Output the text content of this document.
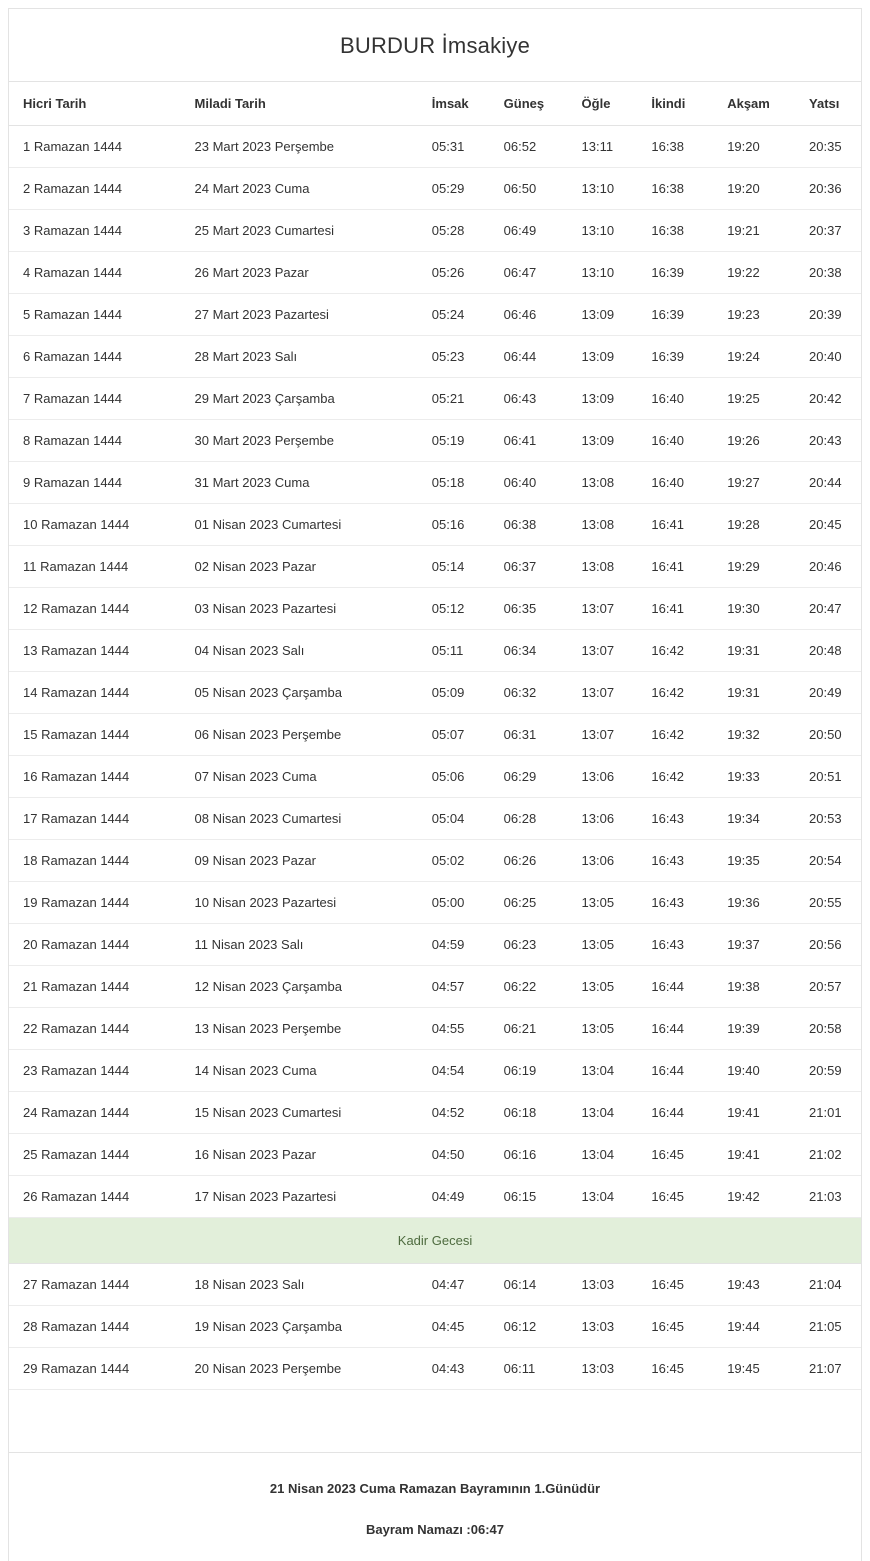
BURDUR İmsakiye
Hicri Tarih	Miladi Tarih	İmsak	Güneş	Öğle	İkindi	Akşam	Yatsı
1 Ramazan 1444	23 Mart 2023 Perşembe	05:31	06:52	13:11	16:38	19:20	20:35
2 Ramazan 1444	24 Mart 2023 Cuma	05:29	06:50	13:10	16:38	19:20	20:36
3 Ramazan 1444	25 Mart 2023 Cumartesi	05:28	06:49	13:10	16:38	19:21	20:37
4 Ramazan 1444	26 Mart 2023 Pazar	05:26	06:47	13:10	16:39	19:22	20:38
5 Ramazan 1444	27 Mart 2023 Pazartesi	05:24	06:46	13:09	16:39	19:23	20:39
6 Ramazan 1444	28 Mart 2023 Salı	05:23	06:44	13:09	16:39	19:24	20:40
7 Ramazan 1444	29 Mart 2023 Çarşamba	05:21	06:43	13:09	16:40	19:25	20:42
8 Ramazan 1444	30 Mart 2023 Perşembe	05:19	06:41	13:09	16:40	19:26	20:43
9 Ramazan 1444	31 Mart 2023 Cuma	05:18	06:40	13:08	16:40	19:27	20:44
10 Ramazan 1444	01 Nisan 2023 Cumartesi	05:16	06:38	13:08	16:41	19:28	20:45
11 Ramazan 1444	02 Nisan 2023 Pazar	05:14	06:37	13:08	16:41	19:29	20:46
12 Ramazan 1444	03 Nisan 2023 Pazartesi	05:12	06:35	13:07	16:41	19:30	20:47
13 Ramazan 1444	04 Nisan 2023 Salı	05:11	06:34	13:07	16:42	19:31	20:48
14 Ramazan 1444	05 Nisan 2023 Çarşamba	05:09	06:32	13:07	16:42	19:31	20:49
15 Ramazan 1444	06 Nisan 2023 Perşembe	05:07	06:31	13:07	16:42	19:32	20:50
16 Ramazan 1444	07 Nisan 2023 Cuma	05:06	06:29	13:06	16:42	19:33	20:51
17 Ramazan 1444	08 Nisan 2023 Cumartesi	05:04	06:28	13:06	16:43	19:34	20:53
18 Ramazan 1444	09 Nisan 2023 Pazar	05:02	06:26	13:06	16:43	19:35	20:54
19 Ramazan 1444	10 Nisan 2023 Pazartesi	05:00	06:25	13:05	16:43	19:36	20:55
20 Ramazan 1444	11 Nisan 2023 Salı	04:59	06:23	13:05	16:43	19:37	20:56
21 Ramazan 1444	12 Nisan 2023 Çarşamba	04:57	06:22	13:05	16:44	19:38	20:57
22 Ramazan 1444	13 Nisan 2023 Perşembe	04:55	06:21	13:05	16:44	19:39	20:58
23 Ramazan 1444	14 Nisan 2023 Cuma	04:54	06:19	13:04	16:44	19:40	20:59
24 Ramazan 1444	15 Nisan 2023 Cumartesi	04:52	06:18	13:04	16:44	19:41	21:01
25 Ramazan 1444	16 Nisan 2023 Pazar	04:50	06:16	13:04	16:45	19:41	21:02
26 Ramazan 1444	17 Nisan 2023 Pazartesi	04:49	06:15	13:04	16:45	19:42	21:03
Kadir Gecesi							
27 Ramazan 1444	18 Nisan 2023 Salı	04:47	06:14	13:03	16:45	19:43	21:04
28 Ramazan 1444	19 Nisan 2023 Çarşamba	04:45	06:12	13:03	16:45	19:44	21:05
29 Ramazan 1444	20 Nisan 2023 Perşembe	04:43	06:11	13:03	16:45	19:45	21:07

21 Nisan 2023 Cuma Ramazan Bayramının 1.Günüdür
Bayram Namazı :06:47
